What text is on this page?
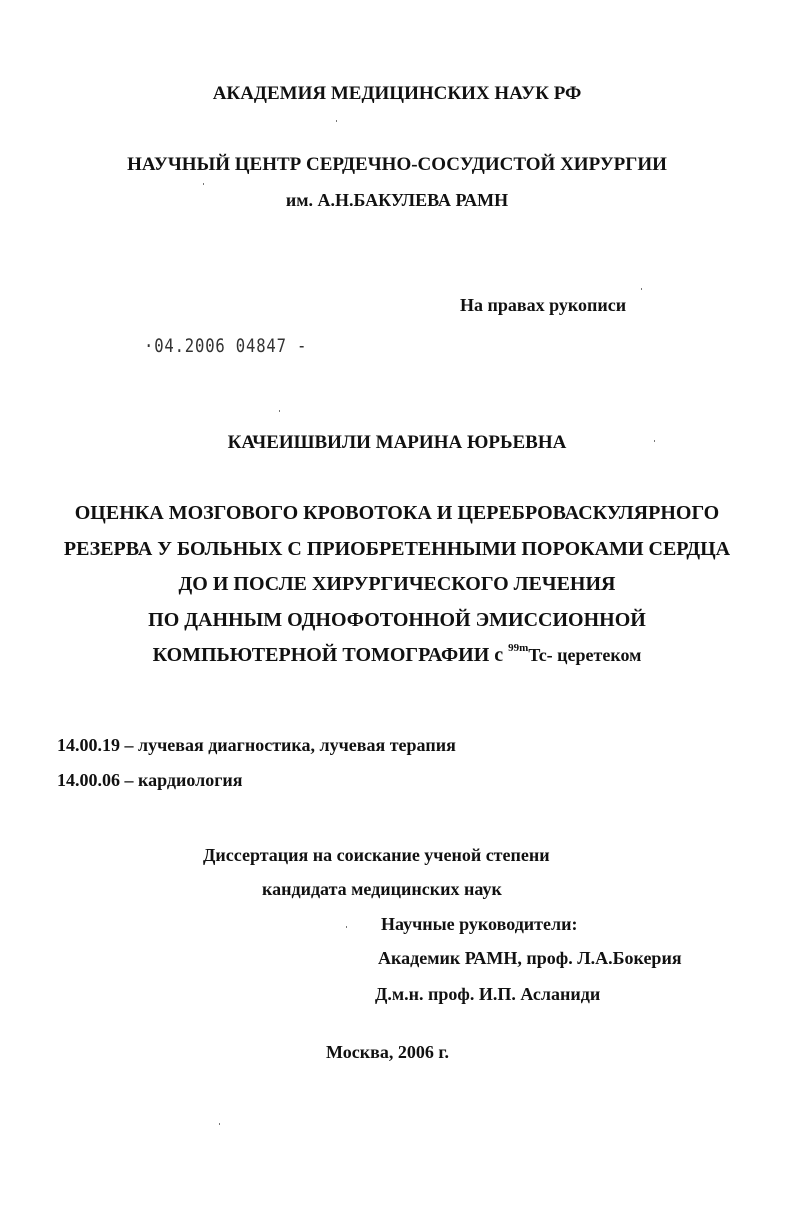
АКАДЕМИЯ МЕДИЦИНСКИХ НАУК РФ
НАУЧНЫЙ ЦЕНТР СЕРДЕЧНО-СОСУДИСТОЙ ХИРУРГИИ
им. А.Н.БАКУЛЕВА РАМН
На правах рукописи
·04.2006 04847 -
КАЧЕИШВИЛИ МАРИНА ЮРЬЕВНА
ОЦЕНКА МОЗГОВОГО КРОВОТОКА И ЦЕРЕБРОВАСКУЛЯРНОГО
РЕЗЕРВА У БОЛЬНЫХ С ПРИОБРЕТЕННЫМИ ПОРОКАМИ СЕРДЦА
ДО И ПОСЛЕ ХИРУРГИЧЕСКОГО ЛЕЧЕНИЯ
ПО ДАННЫМ ОДНОФОТОННОЙ ЭМИССИОННОЙ
КОМПЬЮТЕРНОЙ ТОМОГРАФИИ с $^{99m}$Tc- церетеком
14.00.19 – лучевая диагностика, лучевая терапия
14.00.06 – кардиология
Диссертация на соискание ученой степени
кандидата медицинских наук
Научные руководители:
Академик РАМН, проф. Л.А.Бокерия
Д.м.н. проф. И.П. Асланиди
Москва, 2006 г.
